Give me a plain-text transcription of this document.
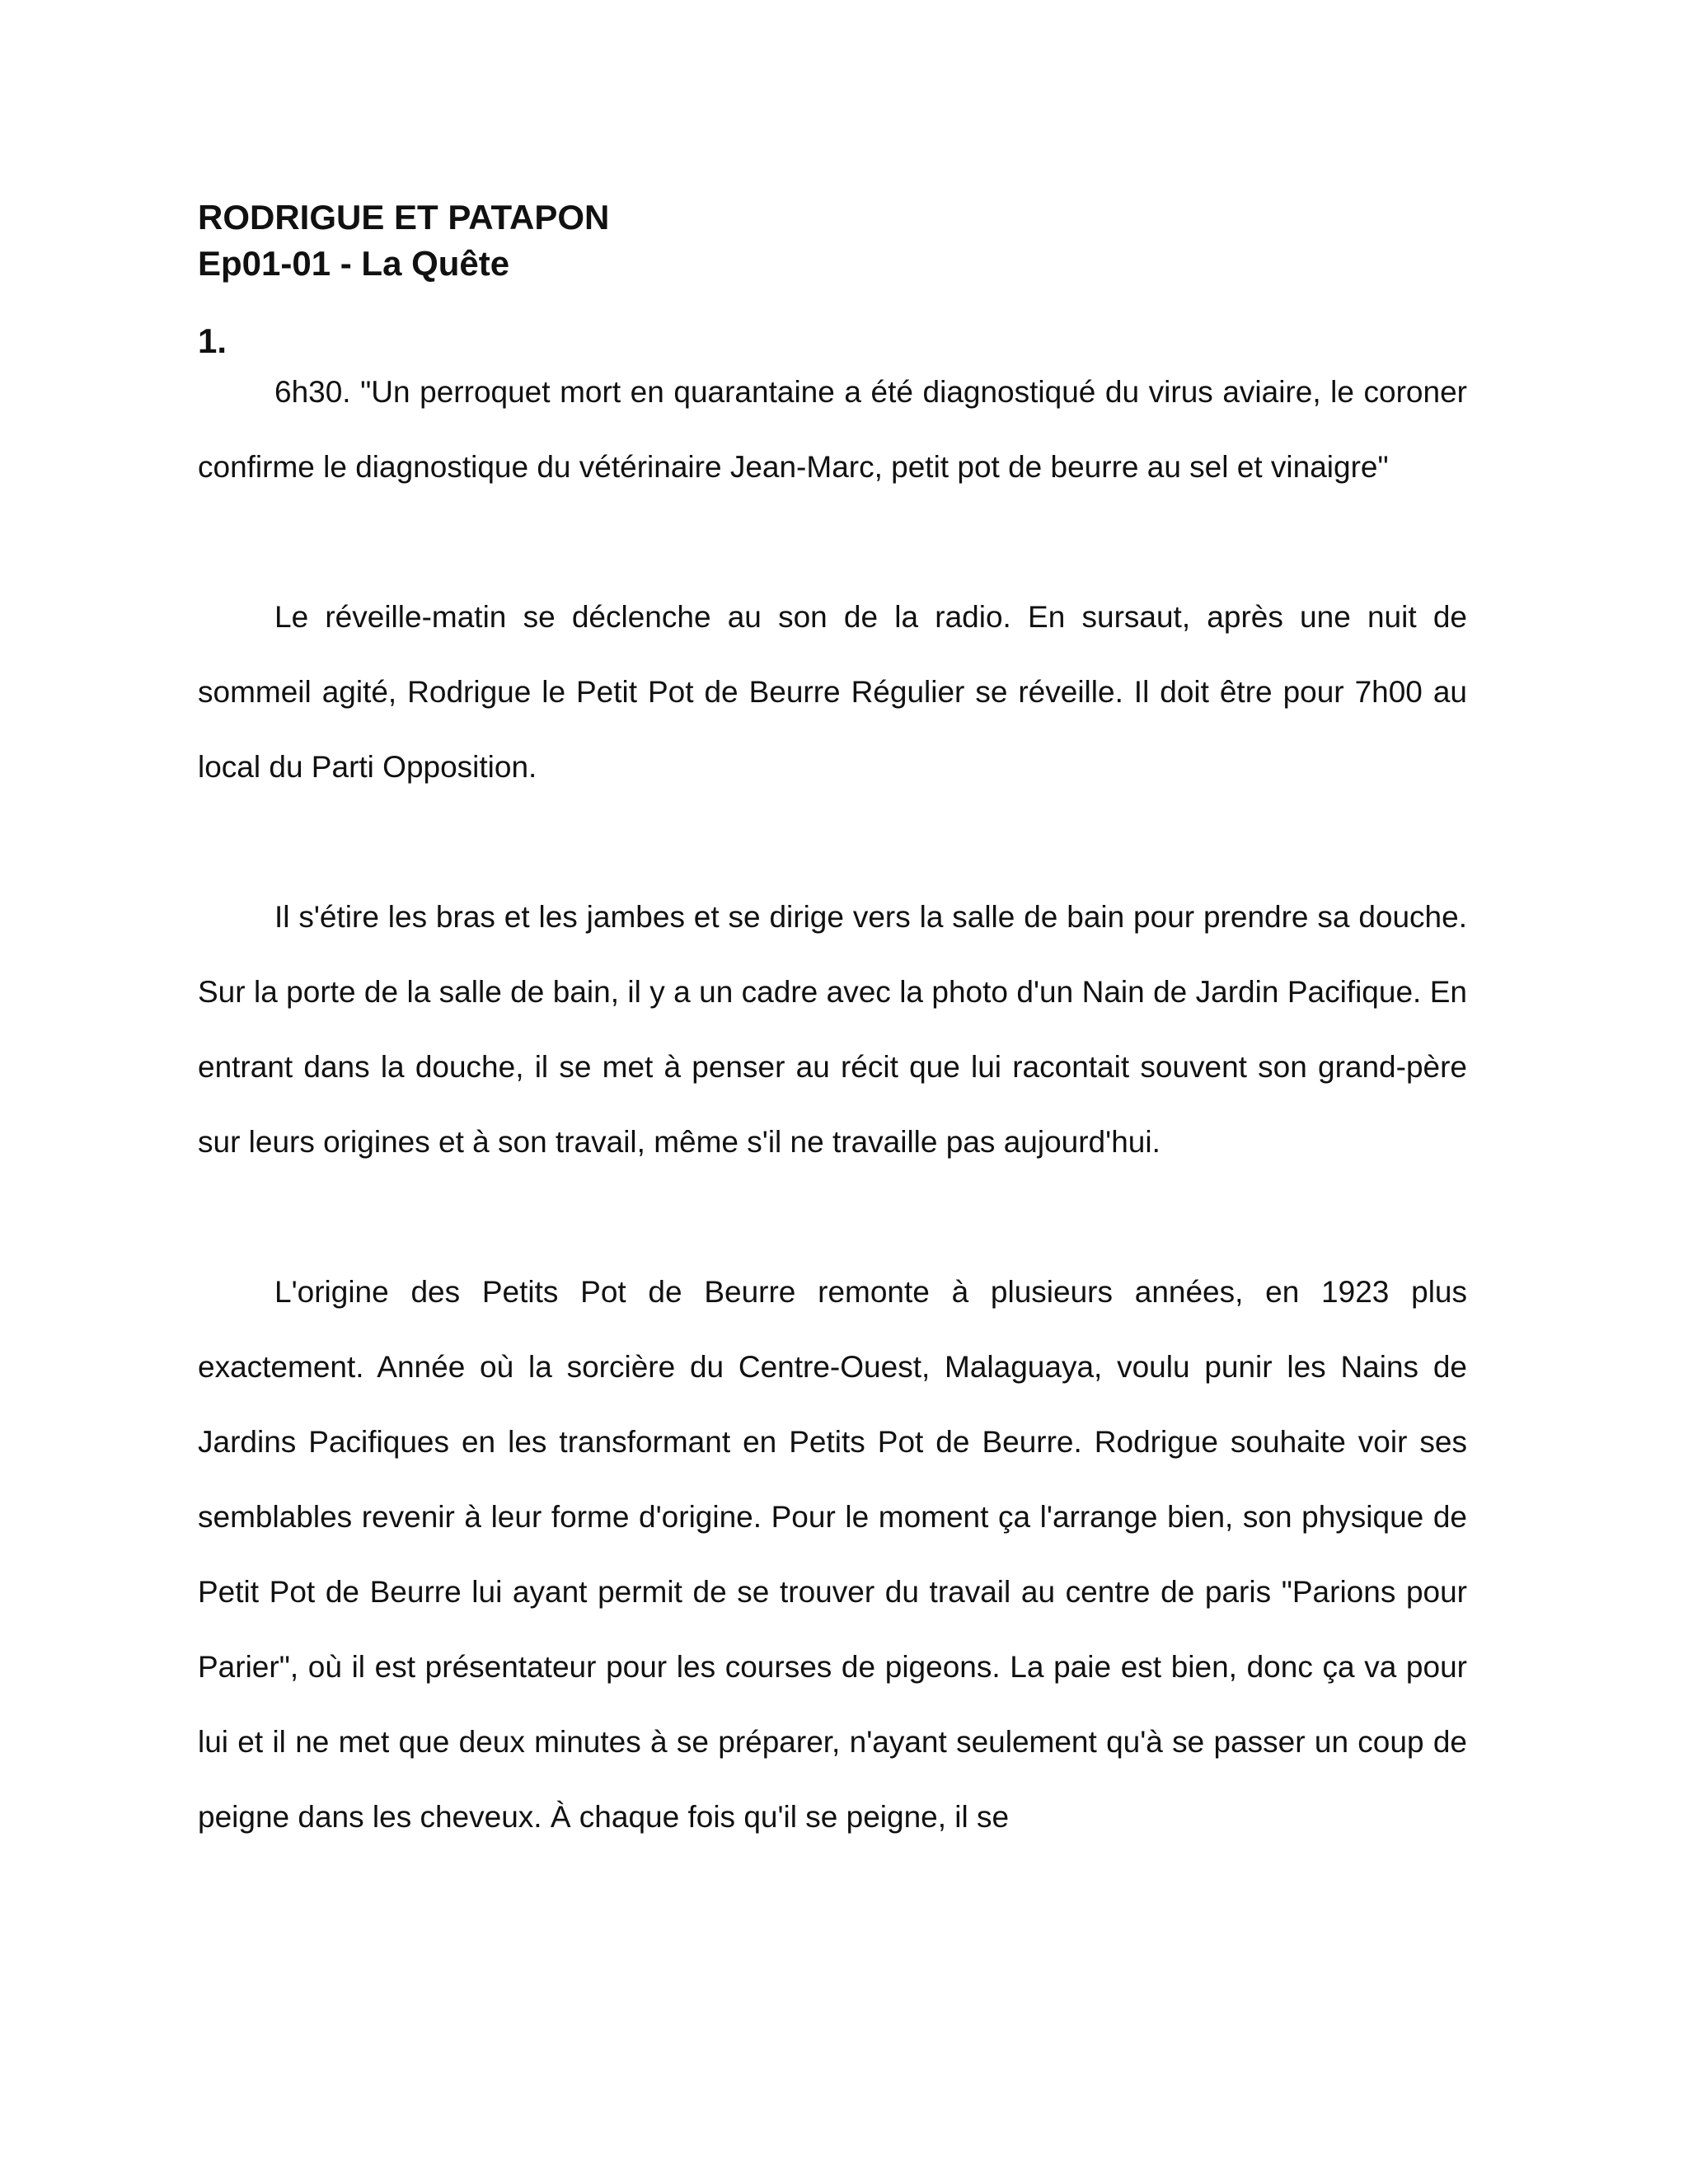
RODRIGUE ET PATAPON
Ep01-01 - La Quête
1.

6h30. "Un perroquet mort en quarantaine a été diagnostiqué du virus aviaire, le coroner confirme le diagnostique du vétérinaire Jean-Marc, petit pot de beurre au sel et vinaigre"

Le réveille-matin se déclenche au son de la radio. En sursaut, après une nuit de sommeil agité, Rodrigue le Petit Pot de Beurre Régulier se réveille. Il doit être pour 7h00 au local du Parti Opposition.

Il s'étire les bras et les jambes et se dirige vers la salle de bain pour prendre sa douche. Sur la porte de la salle de bain, il y a un cadre avec la photo d'un Nain de Jardin Pacifique. En entrant dans la douche, il se met à penser au récit que lui racontait souvent son grand-père sur leurs origines et à son travail, même s'il ne travaille pas aujourd'hui.

L'origine des Petits Pot de Beurre remonte à plusieurs années, en 1923 plus exactement. Année où la sorcière du Centre-Ouest, Malaguaya, voulu punir les Nains de Jardins Pacifiques en les transformant en Petits Pot de Beurre. Rodrigue souhaite voir ses semblables revenir à leur forme d'origine. Pour le moment ça l'arrange bien, son physique de Petit Pot de Beurre lui ayant permit de se trouver du travail au centre de paris "Parions pour Parier", où il est présentateur pour les courses de pigeons. La paie est bien, donc ça va pour lui et il ne met que deux minutes à se préparer, n'ayant seulement qu'à se passer un coup de peigne dans les cheveux. À chaque fois qu'il se peigne, il se
